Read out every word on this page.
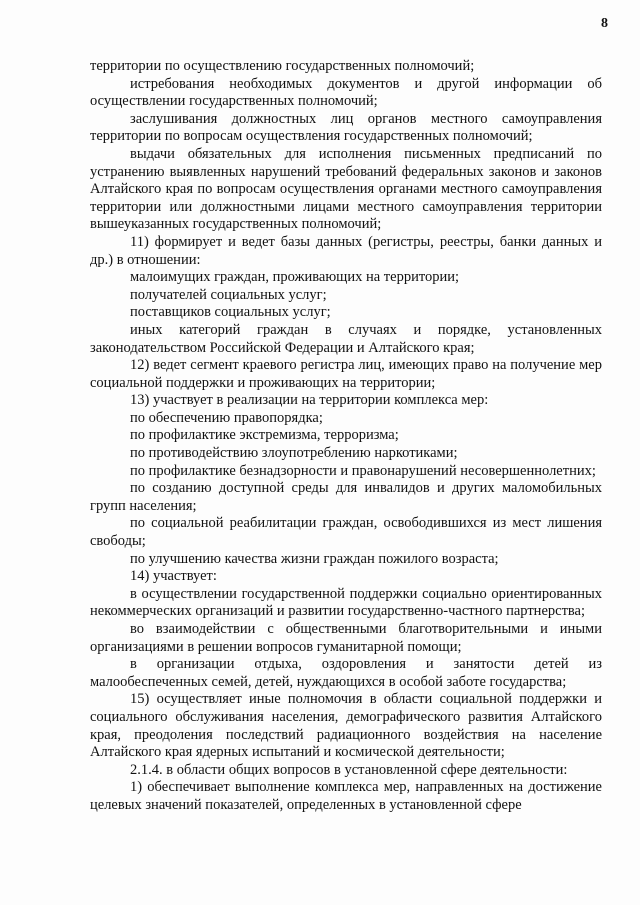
8

территории по осуществлению государственных полномочий;

истребования необходимых документов и другой информации об осуществлении государственных полномочий;

заслушивания должностных лиц органов местного самоуправления территории по вопросам осуществления государственных полномочий;

выдачи обязательных для исполнения письменных предписаний по устранению выявленных нарушений требований федеральных законов и законов Алтайского края по вопросам осуществления органами местного самоуправления территории или должностными лицами местного самоуправления территории вышеуказанных государственных полномочий;

11) формирует и ведет базы данных (регистры, реестры, банки данных и др.) в отношении:

малоимущих граждан, проживающих на территории;

получателей социальных услуг;

поставщиков социальных услуг;

иных категорий граждан в случаях и порядке, установленных законодательством Российской Федерации и Алтайского края;

12) ведет сегмент краевого регистра лиц, имеющих право на получение мер социальной поддержки и проживающих на территории;

13) участвует в реализации на территории комплекса мер:

по обеспечению правопорядка;

по профилактике экстремизма, терроризма;

по противодействию злоупотреблению наркотиками;

по профилактике безнадзорности и правонарушений несовершеннолетних;

по созданию доступной среды для инвалидов и других маломобильных групп населения;

по социальной реабилитации граждан, освободившихся из мест лишения свободы;

по улучшению качества жизни граждан пожилого возраста;

14) участвует:

в осуществлении государственной поддержки социально ориентированных некоммерческих организаций и развитии государственно-частного партнерства;

во взаимодействии с общественными благотворительными и иными организациями в решении вопросов гуманитарной помощи;

в организации отдыха, оздоровления и занятости детей из малообеспеченных семей, детей, нуждающихся в особой заботе государства;

15) осуществляет иные полномочия в области социальной поддержки и социального обслуживания населения, демографического развития Алтайского края, преодоления последствий радиационного воздействия на население Алтайского края ядерных испытаний и космической деятельности;

2.1.4. в области общих вопросов в установленной сфере деятельности:

1) обеспечивает выполнение комплекса мер, направленных на достижение целевых значений показателей, определенных в установленной сфере
